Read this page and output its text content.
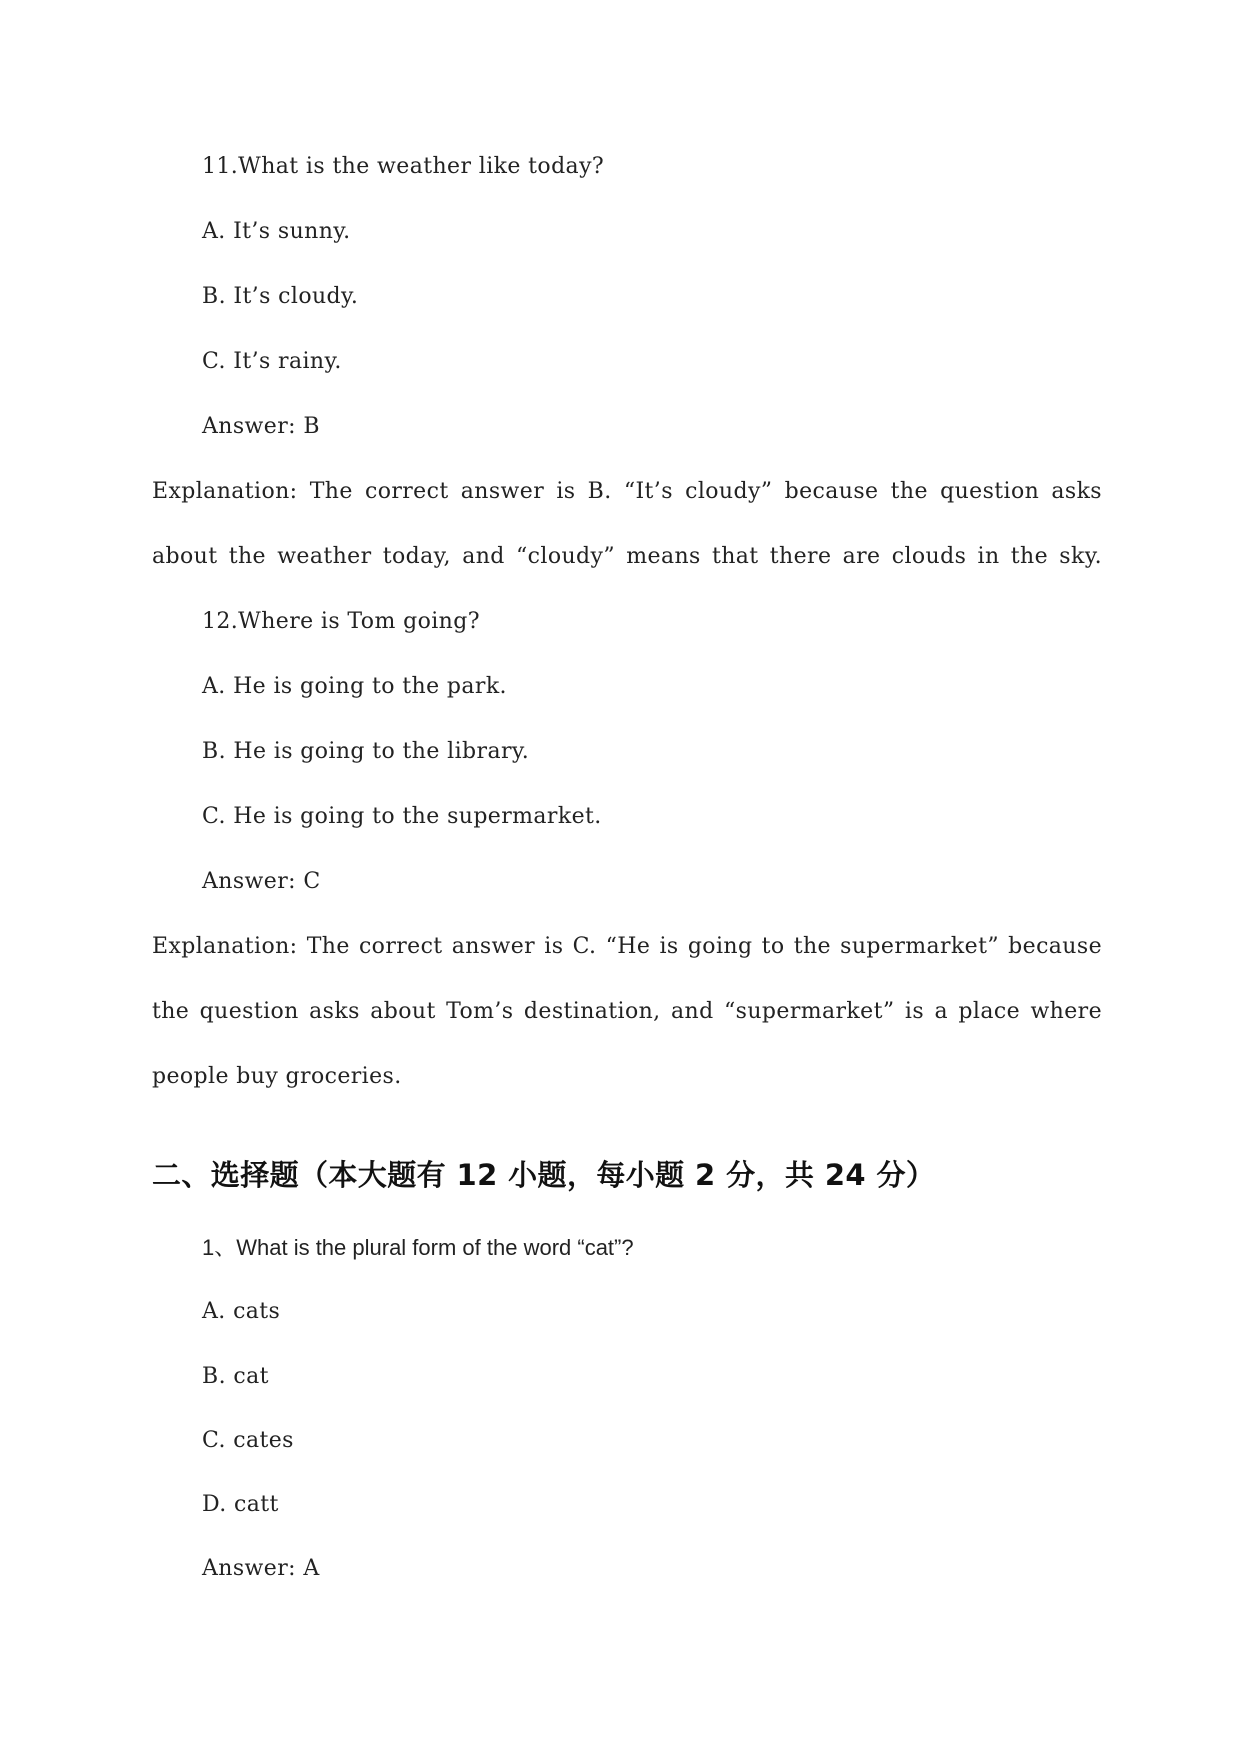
11.What is the weather like today?
A. It’s sunny.
B. It’s cloudy.
C. It’s rainy.
Answer: B
Explanation: The correct answer is B. “It’s cloudy” because the question asks
about the weather today, and “cloudy” means that there are clouds in the sky.
12.Where is Tom going?
A. He is going to the park.
B. He is going to the library.
C. He is going to the supermarket.
Answer: C
Explanation: The correct answer is C. “He is going to the supermarket” because
the question asks about Tom’s destination, and “supermarket” is a place where
people buy groceries.
二、选择题（本大题有 12 小题，每小题 2 分，共 24 分）
1、What is the plural form of the word “cat”?
A. cats
B. cat
C. cates
D. catt
Answer: A
